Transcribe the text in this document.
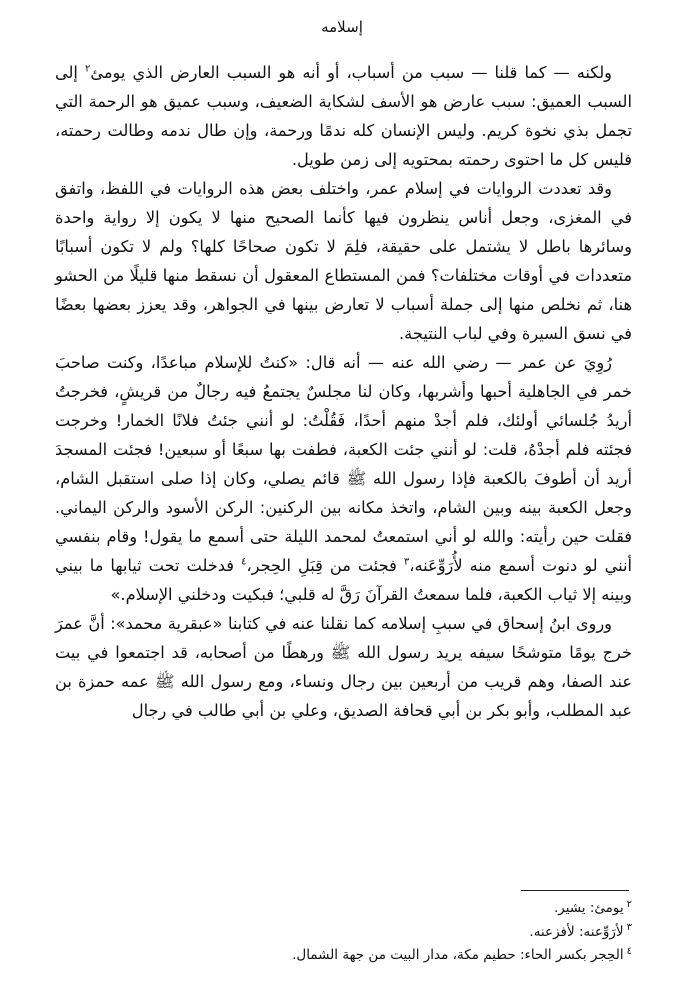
إسلامه

ولكنه — كما قلنا — سبب من أسباب، أو أنه هو السبب العارض الذي يومئ$^٢$ إلى السبب العميق: سبب عارض هو الأسف لشكاية الضعيف، وسبب عميق هو الرحمة التي تجمل بذي نخوة كريم. وليس الإنسان كله ندمًا ورحمة، وإن طال ندمه وطالت رحمته، فليس كل ما احتوى رحمته بمحتويه إلى زمن طويل.

وقد تعددت الروايات في إسلام عمر، واختلف بعض هذه الروايات في اللفظ، واتفق في المغزى، وجعل أناس ينظرون فيها كأنما الصحيح منها لا يكون إلا رواية واحدة وسائرها باطل لا يشتمل على حقيقة، فلِمَ لا تكون صحاحًا كلها؟ ولم لا تكون أسبابًا متعددات في أوقات مختلفات؟ فمن المستطاع المعقول أن نسقط منها قليلًا من الحشو هنا، ثم نخلص منها إلى جملة أسباب لا تعارض بينها في الجواهر، وقد يعزز بعضها بعضًا في نسق السيرة وفي لباب النتيجة.

رُوِيَ عن عمر — رضي الله عنه — أنه قال: «كنتُ للإسلام مباعدًا، وكنت صاحبَ خمر في الجاهلية أحبها وأشربها، وكان لنا مجلسٌ يجتمعُ فيه رجالٌ من قريشٍ، فخرجتُ أريدُ جُلسائي أولئك، فلم أجدْ منهم أحدًا، فَقُلْتُ: لو أنني جئتُ فلانًا الخمار! وخرجت فجئته فلم أجدْهُ، قلت: لو أنني جئت الكعبة، فطفت بها سبعًا أو سبعين! فجئت المسجدَ أريد أن أطوفَ بالكعبة فإذا رسول الله ﷺ قائم يصلي، وكان إذا صلى استقبل الشام، وجعل الكعبة بينه وبين الشام، واتخذ مكانه بين الركنين: الركن الأسود والركن اليماني. فقلت حين رأيته: والله لو أني استمعتُ لمحمد الليلة حتى أسمع ما يقول! وقام بنفسي أنني لو دنوت أسمع منه لأُرَوِّعَنه،$^٣$ فجئت من قِبَلِ الحِجر،$^٤$ فدخلت تحت ثيابها ما بيني وبينه إلا ثياب الكعبة، فلما سمعتُ القرآنَ رَقَّ له قلبي؛ فبكيت ودخلني الإسلام.»

وروى ابنُ إسحاق في سببِ إسلامه كما نقلنا عنه في كتابنا «عبقرية محمد»: أنَّ عمرَ خرج يومًا متوشحًا سيفه يريد رسول الله ﷺ ورهطًا من أصحابه، قد اجتمعوا في بيت عند الصفا، وهم قريب من أربعين بين رجال ونساء، ومع رسول الله ﷺ عمه حمزة بن عبد المطلب، وأبو بكر بن أبي قحافة الصديق، وعلي بن أبي طالب في رجال

$^٢$يومئ: يشير.

$^٣$لأرَوِّعنه: لأفزعنه.

$^٤$الحِجر بكسر الحاء: حطيم مكة، مدار البيت من جهة الشمال.
